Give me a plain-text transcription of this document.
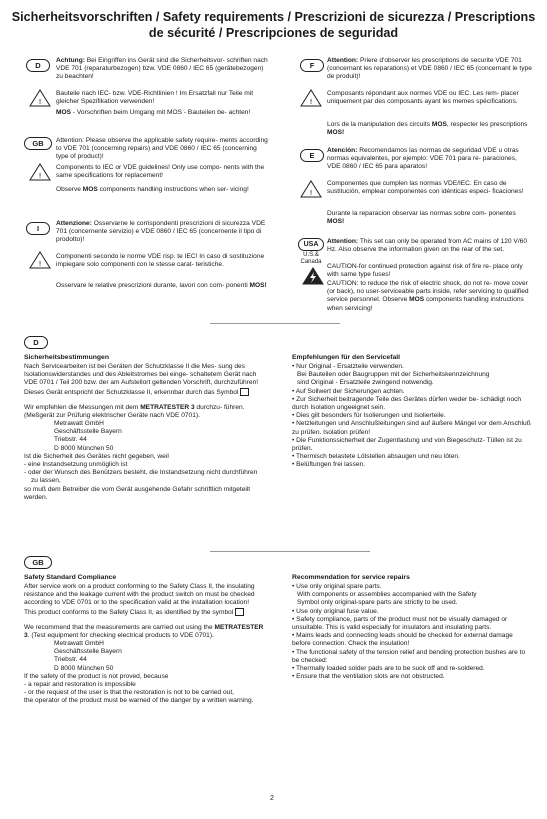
Sicherheitsvorschriften / Safety requirements / Prescrizioni de sicurezza / Prescriptions
de sécurité / Prescripciones de seguridad
D
Achtung: Bei Eingriffen ins Gerät sind die Sicherheitsvor- schriften nach VDE 701 (reparaturbezogen) bzw. VDE 0860 / IEC 65 (gerätebezogen) zu beachten!
!
Bauteile nach IEC- bzw. VDE-Richtlinien ! Im Ersatzfall nur Teile mit gleicher Spezifikation verwenden!
MOS - Vorschriften beim Umgang mit MOS - Bauteilen be- achten!
GB	Attention: Please observe the applicable safety require- ments according to VDE 701 (concerning repairs) and VDE 0860 / IEC 65 (concerning type of product)!
!
Components to IEC or VDE guidelines! Only use compo- nents with the same specifications for replacement!
Observe MOS components handling instructions when ser- vicing!
I
Attenzione: Osservarne le corrispondenti prescrizioni di sicurezza VDE 701 (concernente servizio) e VDE 0860 / IEC 65 (concernente il tipo di prodotto)!
!
Componenti secondo le norme VDE risp. te IEC! In caso di sostituzione impiegare solo componenti con le stesse carat- teristiche.
Osservare le relative prescrizioni durante, lavori con com- ponenti MOS!
F
Attention: Priere d'observer les prescriptions de securite VDE 701 (concernant les reparations) et VDE 0860 / IEC 65 (concernant le type de produit)!
!
Composants répondant aux normes VDE ou IEC. Les rem- placer uniquement par des composants ayant les memes spécifications.
Lors de la manipulation des circuits MOS, respecter les prescriptions MOS!
E
Atención: Recomendamos las normas de seguridad VDE u otras normas equivalentes, por ejemplo: VDE 701 para re- paraciones, VDE 0860 / IEC 65 para aparatos!
!
Componentes que cumplen las normas VDE/IEC. En caso de sustitución, emplear componentes con idénticas especi- ficaciones!
Durante la reparacion observar las normas sobre com- ponentes MOS!
USA
U.S.&
Canada
Attention: This set can only be operated from AC mains of 120 V/60 Hz. Also observe the information given on the rear of the set.
CAUTION-for continued protection against risk of fire re- place only with same type fuses!
CAUTION: to reduce the risk of electric shock, do not re- move cover (or back), no user-serviceable parts inside, refer servicing to qualified service personnel. Observe MOS components handling instructions when servicing!
D
Sicherheitsbestimmungen
Nach Servicearbeiten ist bei Geräten der Schutzklasse II die Mes- sung des Isolationswiderstandes und des Ableitstromes bei einge- schaltetem Gerät nach VDE 0701 / Teil 200 bzw. der am Aufstellort geltenden Vorschrift, durchzuführen!
Dieses Gerät entspricht der Schutzklasse II, erkennbar durch das Symbol
Wir empfehlen die Messungen mit dem METRATESTER 3 durchzu- führen. (Meßgerät zur Prüfung elektrischer Geräte nach VDE 0701).
Metrawatt GmbH
Geschäftsstelle Bayern
Triebstr. 44
D 8000 München 50
Ist die Sicherheit des Gerätes nicht gegeben, weil
- eine Instandsetzung unmöglich ist
- oder der Wunsch des Benützers besteht, die Instandsetzung nicht durchführen zu lassen,
so muß dem Betreiber die vom Gerät ausgehende Gefahr schriftlich mitgeteilt werden.
Empfehlungen für den Servicefall
• Nur Original - Ersatzteile verwenden.
Bei Bauteilen oder Baugruppen mit der Sicherheitskennzeichnung
sind Original - Ersatzteile zwingend notwendig.
• Auf Sollwert der Sicherungen achten.
• Zur Sicherheit beitragende Teile des Gerätes dürfen weder be- schädigt noch durch Isolation ungeeignet sein.
• Dies gilt besonders für Isolierungen und Isolierteile.
• Netzleitungen und Anschlußleitungen sind auf äußere Mängel vor dem Anschluß zu prüfen. Isolation prüfen!
• Die Funktionssicherheit der Zugentlastung und von Biegeschutz- Tüllen ist zu prüfen.
• Thermisch belastete Lötstellen absaugen und neu löten.
• Belüftungen frei lassen.
GB
Safety Standard Compliance
After service work on a product conforming to the Safety Class II, the insulating resistance and the leakage current with the product switch on must be checked according to VDE 0701 or to the specification valid at the installation location!
This product conforms to the Safety Class II, as identified by the symbol
We recommend that the measurements are carried out using the METRATESTER 3. (Test equipment for checking electrical products to VDE 0701).
Metrawatt GmbH
Geschäftsstelle Bayern
Triebstr. 44
D 8000 München 50
If the safety of the product is not proved, because
- a repair and restoration is impossible
- or the request of the user is that the restoration is not to be carried out,
the operator of the product must be warned of the danger by a written warning.
Recommendation for service repairs
• Use only original spare parts.
With components or assemblies accompanied with the Safety
Symbol only original-spare parts are strictly to be used.
• Use only original fuse value.
• Safety compliance, parts of the product must not be visually damaged or unsuitable. This is valid especially for insulators and insulating parts.
• Mains leads and connecting leads should be checked for external damage before connection. Check the insulation!
• The functional safety of the tension relief and bending protection bushes are to be checked:
• Thermally loaded solder pads are to be suck off and re-soldered.
• Ensure that the ventilation slots are not obstructed.
2
